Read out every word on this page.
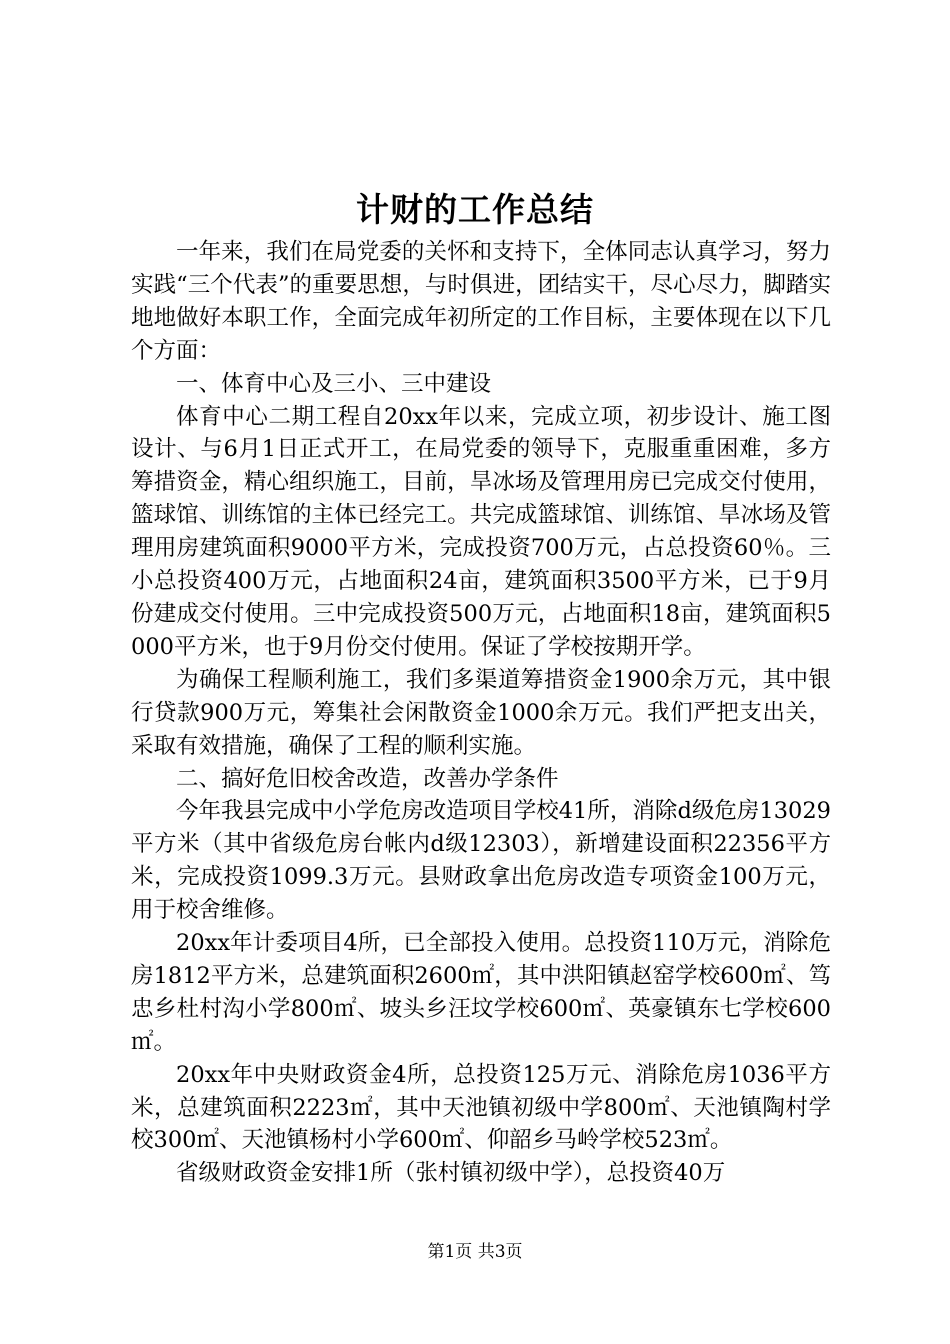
计财的工作总结

一年来，我们在局党委的关怀和支持下，全体同志认真学习，努力实践“三个代表”的重要思想，与时俱进，团结实干，尽心尽力，脚踏实地地做好本职工作，全面完成年初所定的工作目标，主要体现在以下几个方面：

一、体育中心及三小、三中建设

体育中心二期工程自20xx年以来，完成立项，初步设计、施工图设计、与6月1日正式开工，在局党委的领导下，克服重重困难，多方筹措资金，精心组织施工，目前，旱冰场及管理用房已完成交付使用，篮球馆、训练馆的主体已经完工。共完成篮球馆、训练馆、旱冰场及管理用房建筑面积9000平方米，完成投资700万元，占总投资60％。三小总投资400万元，占地面积24亩，建筑面积3500平方米，已于9月份建成交付使用。三中完成投资500万元，占地面积18亩，建筑面积5000平方米，也于9月份交付使用。保证了学校按期开学。

为确保工程顺利施工，我们多渠道筹措资金1900余万元，其中银行贷款900万元，筹集社会闲散资金1000余万元。我们严把支出关，采取有效措施，确保了工程的顺利实施。

二、搞好危旧校舍改造，改善办学条件

今年我县完成中小学危房改造项目学校41所，消除d级危房13029平方米（其中省级危房台帐内d级12303），新增建设面积22356平方米，完成投资1099.3万元。县财政拿出危房改造专项资金100万元，用于校舍维修。

20xx年计委项目4所，已全部投入使用。总投资110万元，消除危房1812平方米，总建筑面积2600㎡，其中洪阳镇赵窑学校600㎡、笃忠乡杜村沟小学800㎡、坡头乡汪坟学校600㎡、英豪镇东七学校600㎡。

20xx年中央财政资金4所，总投资125万元、消除危房1036平方米，总建筑面积2223㎡，其中天池镇初级中学800㎡、天池镇陶村学校300㎡、天池镇杨村小学600㎡、仰韶乡马岭学校523㎡。

省级财政资金安排1所（张村镇初级中学），总投资40万

第1页 共3页
